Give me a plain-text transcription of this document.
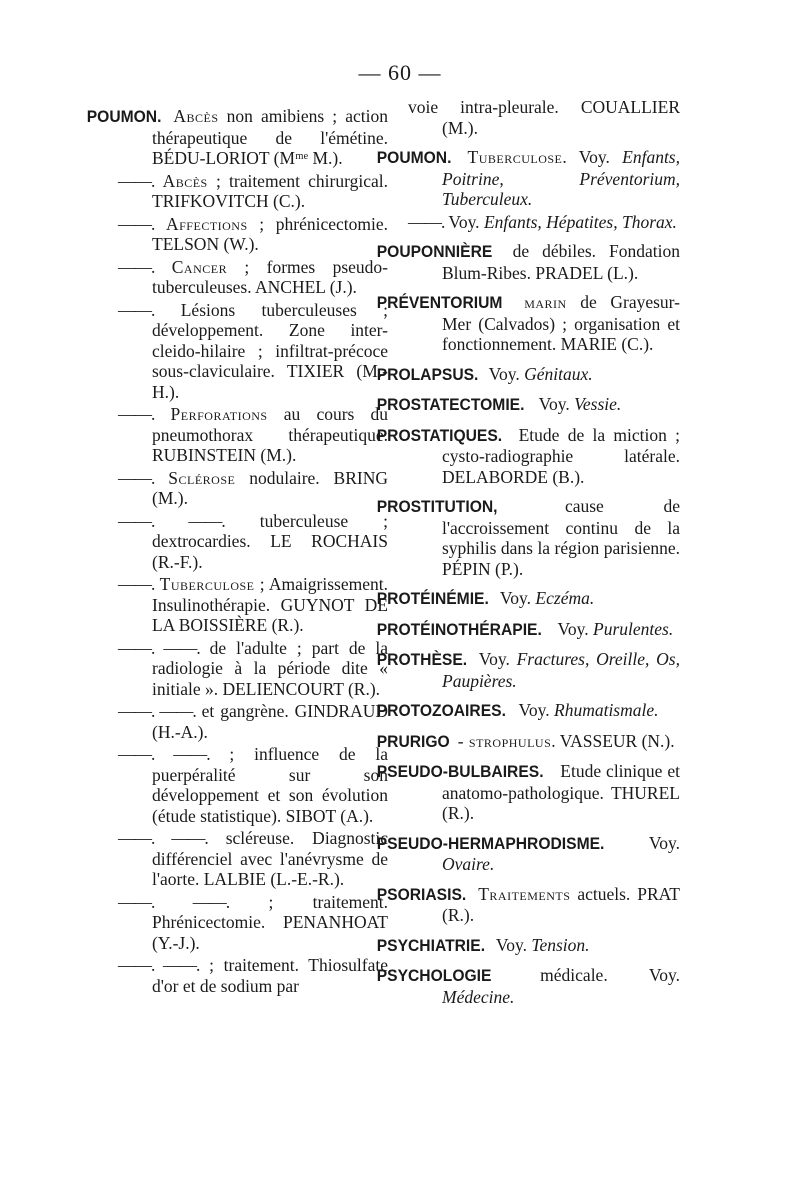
— 60 —

POUMON. Abcès non amibiens ; action thérapeutique de l'émétine. BÉDU-LORIOT (Mᵐᵉ M.).

——. Abcès ; traitement chirurgical. TRIFKOVITCH (C.).

——. Affections ; phrénicectomie. TELSON (W.).

——. Cancer ; formes pseudo-tuberculeuses. ANCHEL (J.).

——. Lésions tuberculeuses ; développement. Zone inter-cleido-hilaire ; infiltrat-précoce sous-claviculaire. TIXIER (M.-H.).

——. Perforations au cours du pneumothorax thérapeutique. RUBINSTEIN (M.).

——. Sclérose nodulaire. BRING (M.).

——. ——. tuberculeuse ; dextrocardies. LE ROCHAIS (R.-F.).

——. Tuberculose ; Amaigrissement. Insulinothérapie. GUYNOT DE LA BOISSIÈRE (R.).

——. ——. de l'adulte ; part de la radiologie à la période dite « initiale ». DELIENCOURT (R.).

——. ——. et gangrène. GINDRAUD (H.-A.).

——. ——. ; influence de la puerpéralité sur son développement et son évolution (étude statistique). SIBOT (A.).

——. ——. scléreuse. Diagnostic différenciel avec l'anévrysme de l'aorte. LALBIE (L.-E.-R.).

——. ——. ; traitement. Phrénicectomie. PENANHOAT (Y.-J.).

——. ——. ; traitement. Thiosulfate d'or et de sodium par

voie intra-pleurale. COUALLIER (M.).

POUMON. Tuberculose. Voy. Enfants, Poitrine, Préventorium, Tuberculeux.

——. Voy. Enfants, Hépatites, Thorax.

POUPONNIÈRE de débiles. Fondation Blum-Ribes. PRADEL (L.).

PRÉVENTORIUM marin de Grayesur-Mer (Calvados) ; organisation et fonctionnement. MARIE (C.).

PROLAPSUS. Voy. Génitaux.

PROSTATECTOMIE. Voy. Vessie.

PROSTATIQUES. Etude de la miction ; cysto-radiographie latérale. DELABORDE (B.).

PROSTITUTION, cause de l'accroissement continu de la syphilis dans la région parisienne. PÉPIN (P.).

PROTÉINÉMIE. Voy. Eczéma.

PROTÉINOTHÉRAPIE. Voy. Purulentes.

PROTHÈSE. Voy. Fractures, Oreille, Os, Paupières.

PROTOZOAIRES. Voy. Rhumatismale.

PRURIGO - strophulus. VASSEUR (N.).

PSEUDO-BULBAIRES. Etude clinique et anatomo-pathologique. THUREL (R.).

PSEUDO-HERMAPHRODISME. Voy. Ovaire.

PSORIASIS. Traitements actuels. PRAT (R.).

PSYCHIATRIE. Voy. Tension.

PSYCHOLOGIE médicale. Voy. Médecine.
